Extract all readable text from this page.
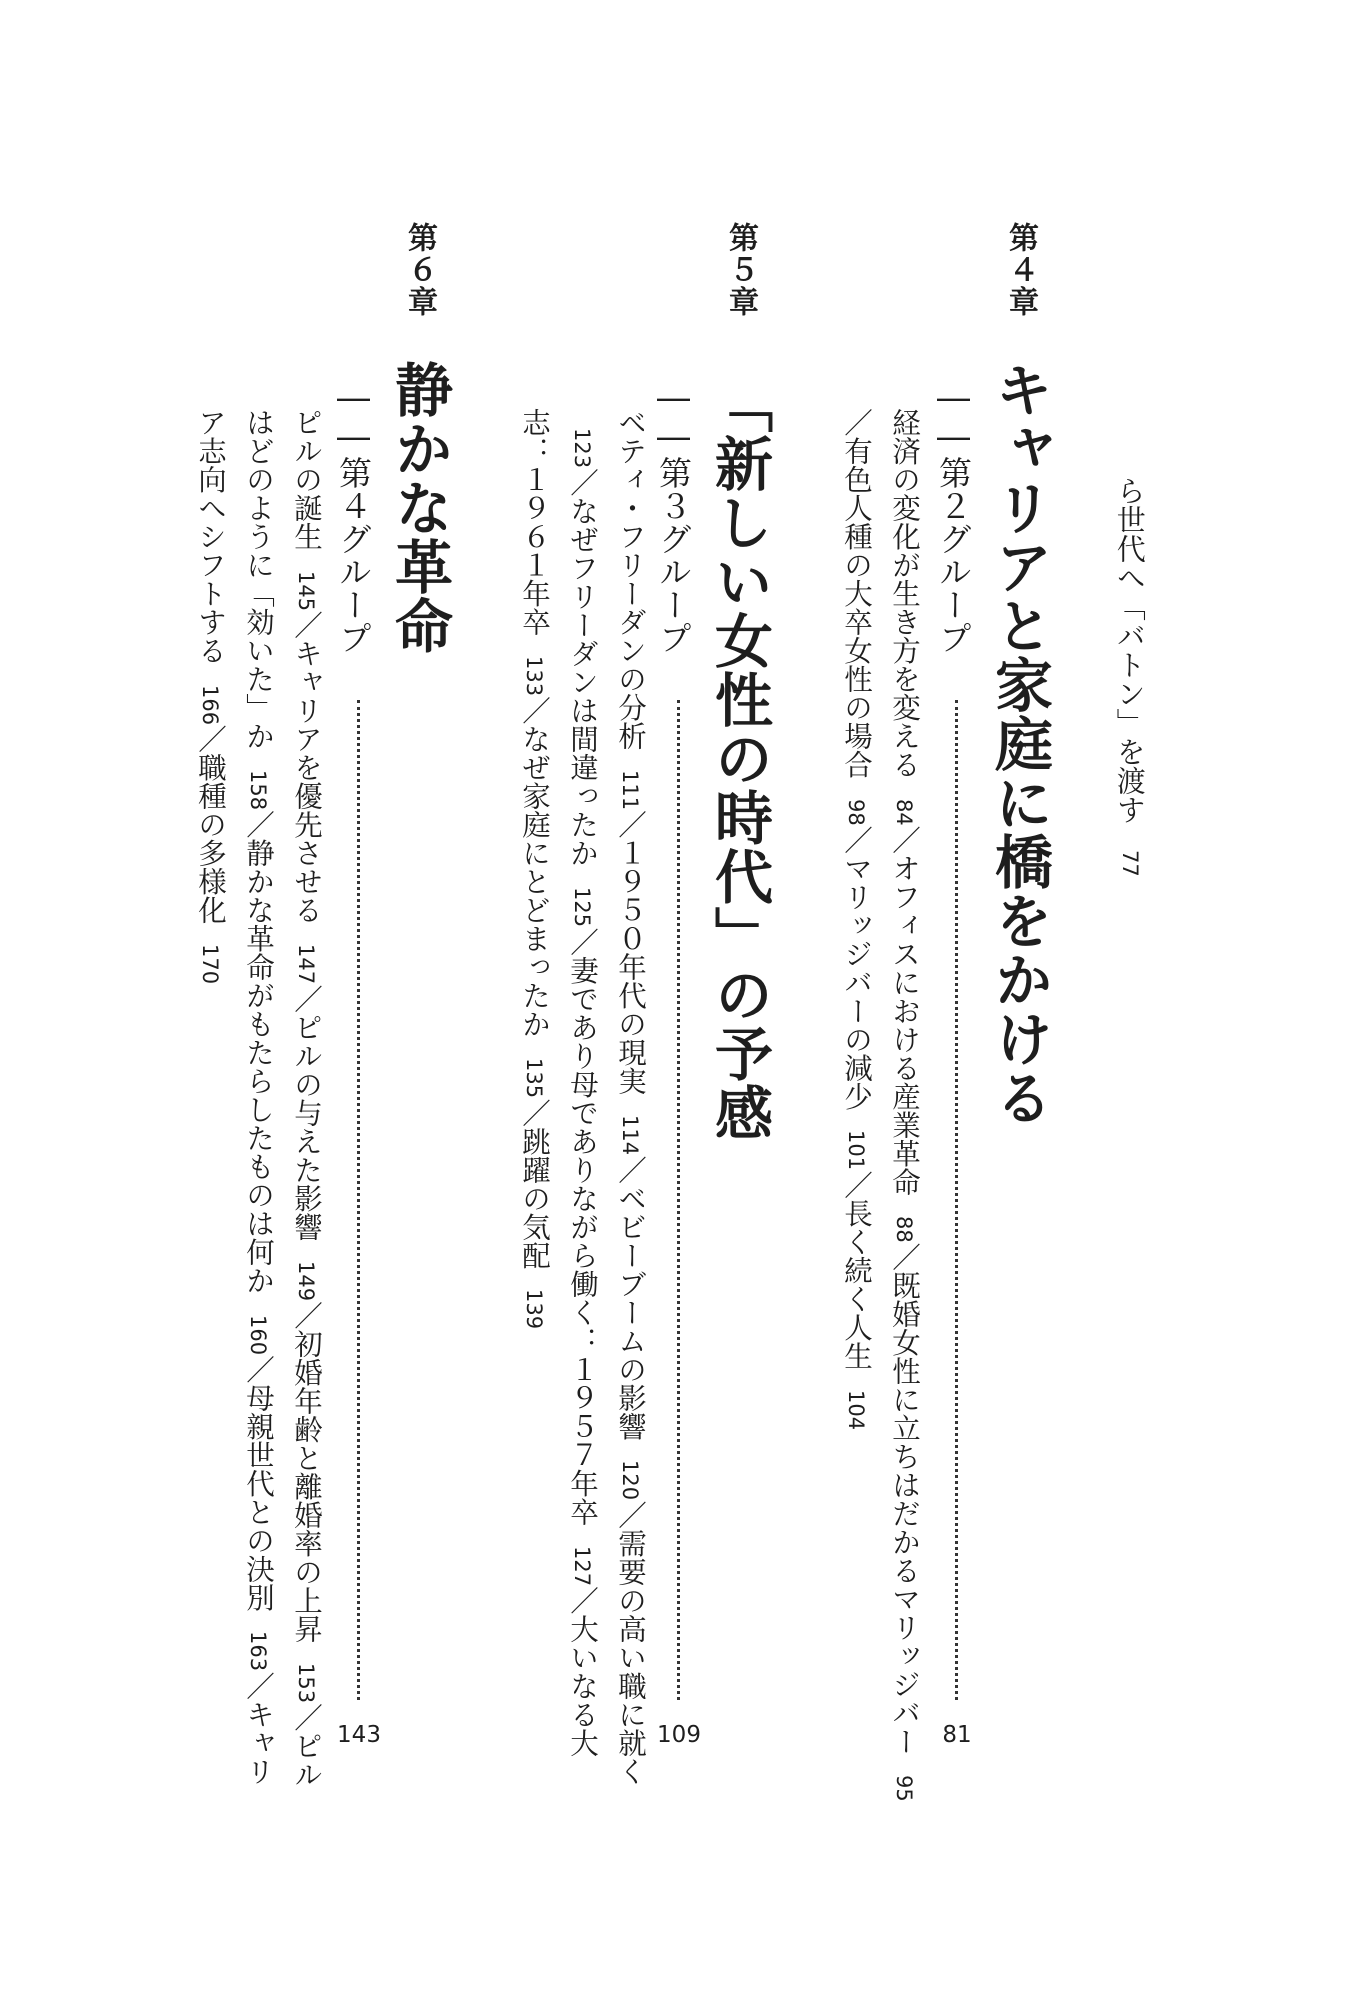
ら世代へ「バトン」を渡す77

第４章
キャリアと家庭に橋をかける
――第２グループ
81
経済の変化が生き方を変える84／オフィスにおける産業革命88／既婚女性に立ちはだかるマリッジバー95／有色人種の大卒女性の場合98／マリッジバーの減少101／長く続く人生104
第５章
「新しい女性の時代」の予感
――第３グループ
109
ベティ・フリーダンの分析111／１９５０年代の現実114／ベビーブームの影響120／需要の高い職に就く123／なぜフリーダンは間違ったか125／妻であり母でありながら働く：１９５７年卒127／大いなる大志：１９６１年卒133／なぜ家庭にとどまったか135／跳躍の気配139
第６章
静かな革命
――第４グループ
143
ピルの誕生145／キャリアを優先させる147／ピルの与えた影響149／初婚年齢と離婚率の上昇153／ピルはどのように「効いた」か158／静かな革命がもたらしたものは何か160／母親世代との決別163／キャリア志向へシフトする166／職種の多様化170
